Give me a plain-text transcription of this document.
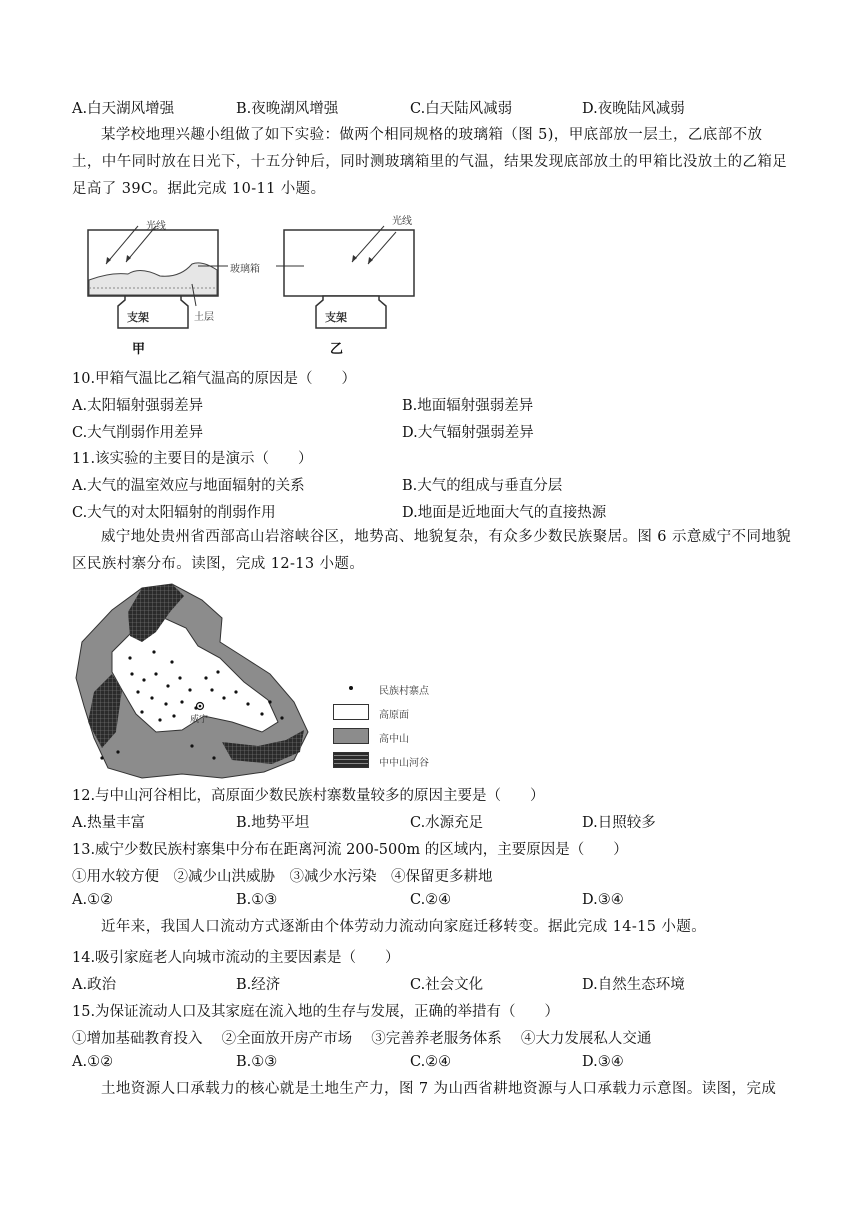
A.白天湖风增强	B.夜晚湖风增强	C.白天陆风减弱	D.夜晚陆风减弱
某学校地理兴趣小组做了如下实验：做两个相同规格的玻璃箱（图 5)，甲底部放一层土，乙底部不放土，中午同时放在日光下，十五分钟后，同时测玻璃箱里的气温，结果发现底部放土的甲箱比没放土的乙箱足足高了 39C。据此完成 10-11 小题。
光线	光线
玻璃箱
土层
支架	支架
甲	乙
10.甲箱气温比乙箱气温高的原因是（　　）
A.太阳辐射强弱差异	B.地面辐射强弱差异
C.大气削弱作用差异	D.大气辐射强弱差异
11.该实验的主要目的是演示（　　）
A.大气的温室效应与地面辐射的关系	B.大气的组成与垂直分层
C.大气的对太阳辐射的削弱作用	D.地面是近地面大气的直接热源
威宁地处贵州省西部高山岩溶峡谷区，地势高、地貌复杂，有众多少数民族聚居。图 6 示意威宁不同地貌区民族村寨分布。读图，完成 12-13 小题。
威宁
民族村寨点
高原面
高中山
中中山河谷
12.与中山河谷相比，高原面少数民族村寨数量较多的原因主要是（　　）
A.热量丰富	B.地势平坦	C.水源充足	D.日照较多
13.威宁少数民族村寨集中分布在距离河流 200-500m 的区域内，主要原因是（　　）
①用水较方便　②减少山洪威胁　③减少水污染　④保留更多耕地
A.①②	B.①③	C.②④	D.③④
近年来，我国人口流动方式逐渐由个体劳动力流动向家庭迁移转变。据此完成 14-15 小题。
14.吸引家庭老人向城市流动的主要因素是（　　）
A.政治	B.经济	C.社会文化	D.自然生态环境
15.为保证流动人口及其家庭在流入地的生存与发展，正确的举措有（　　）
①增加基础教育投入　 ②全面放开房产市场　 ③完善养老服务体系　 ④大力发展私人交通
A.①②	B.①③	C.②④	D.③④
土地资源人口承载力的核心就是土地生产力，图 7 为山西省耕地资源与人口承载力示意图。读图，完成
